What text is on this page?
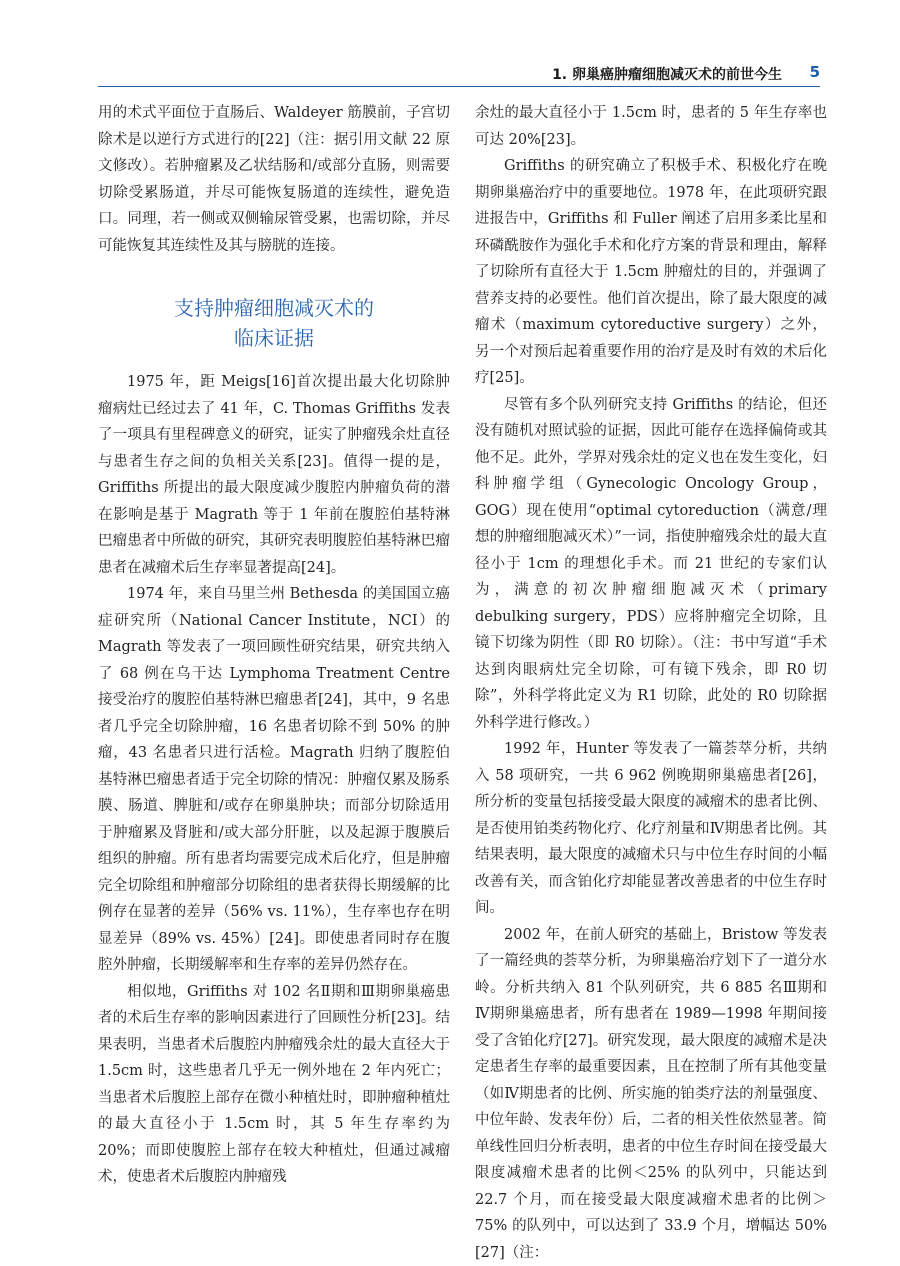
1. 卵巢癌肿瘤细胞减灭术的前世今生 5

用的术式平面位于直肠后、Waldeyer 筋膜前，子宫切除术是以逆行方式进行的[22]（注：据引用文献 22 原文修改）。若肿瘤累及乙状结肠和/或部分直肠，则需要切除受累肠道，并尽可能恢复肠道的连续性，避免造口。同理，若一侧或双侧输尿管受累，也需切除，并尽可能恢复其连续性及其与膀胱的连接。

支持肿瘤细胞减灭术的
临床证据

1975 年，距 Meigs[16]首次提出最大化切除肿瘤病灶已经过去了 41 年，C. Thomas Griffiths 发表了一项具有里程碑意义的研究，证实了肿瘤残余灶直径与患者生存之间的负相关关系[23]。值得一提的是，Griffiths 所提出的最大限度减少腹腔内肿瘤负荷的潜在影响是基于 Magrath 等于 1 年前在腹腔伯基特淋巴瘤患者中所做的研究，其研究表明腹腔伯基特淋巴瘤患者在减瘤术后生存率显著提高[24]。

1974 年，来自马里兰州 Bethesda 的美国国立癌症研究所（National Cancer Institute，NCI）的 Magrath 等发表了一项回顾性研究结果，研究共纳入了 68 例在乌干达 Lymphoma Treatment Centre 接受治疗的腹腔伯基特淋巴瘤患者[24]，其中，9 名患者几乎完全切除肿瘤，16 名患者切除不到 50% 的肿瘤，43 名患者只进行活检。Magrath 归纳了腹腔伯基特淋巴瘤患者适于完全切除的情况：肿瘤仅累及肠系膜、肠道、脾脏和/或存在卵巢肿块；而部分切除适用于肿瘤累及肾脏和/或大部分肝脏，以及起源于腹膜后组织的肿瘤。所有患者均需要完成术后化疗，但是肿瘤完全切除组和肿瘤部分切除组的患者获得长期缓解的比例存在显著的差异（56% vs. 11%），生存率也存在明显差异（89% vs. 45%）[24]。即使患者同时存在腹腔外肿瘤，长期缓解率和生存率的差异仍然存在。

相似地，Griffiths 对 102 名Ⅱ期和Ⅲ期卵巢癌患者的术后生存率的影响因素进行了回顾性分析[23]。结果表明，当患者术后腹腔内肿瘤残余灶的最大直径大于 1.5cm 时，这些患者几乎无一例外地在 2 年内死亡；当患者术后腹腔上部存在微小种植灶时，即肿瘤种植灶的最大直径小于 1.5cm 时，其 5 年生存率约为 20%；而即使腹腔上部存在较大种植灶，但通过减瘤术，使患者术后腹腔内肿瘤残

余灶的最大直径小于 1.5cm 时，患者的 5 年生存率也可达 20%[23]。

Griffiths 的研究确立了积极手术、积极化疗在晚期卵巢癌治疗中的重要地位。1978 年，在此项研究跟进报告中，Griffiths 和 Fuller 阐述了启用多柔比星和环磷酰胺作为强化手术和化疗方案的背景和理由，解释了切除所有直径大于 1.5cm 肿瘤灶的目的，并强调了营养支持的必要性。他们首次提出，除了最大限度的减瘤术（maximum cytoreductive surgery）之外，另一个对预后起着重要作用的治疗是及时有效的术后化疗[25]。

尽管有多个队列研究支持 Griffiths 的结论，但还没有随机对照试验的证据，因此可能存在选择偏倚或其他不足。此外，学界对残余灶的定义也在发生变化，妇科肿瘤学组（Gynecologic Oncology Group，GOG）现在使用“optimal cytoreduction（满意/理想的肿瘤细胞减灭术）”一词，指使肿瘤残余灶的最大直径小于 1cm 的理想化手术。而 21 世纪的专家们认为，满意的初次肿瘤细胞减灭术（primary debulking surgery，PDS）应将肿瘤完全切除，且镜下切缘为阴性（即 R0 切除）。（注：书中写道“手术达到肉眼病灶完全切除，可有镜下残余，即 R0 切除”，外科学将此定义为 R1 切除，此处的 R0 切除据外科学进行修改。）

1992 年，Hunter 等发表了一篇荟萃分析，共纳入 58 项研究，一共 6 962 例晚期卵巢癌患者[26]，所分析的变量包括接受最大限度的减瘤术的患者比例、是否使用铂类药物化疗、化疗剂量和Ⅳ期患者比例。其结果表明，最大限度的减瘤术只与中位生存时间的小幅改善有关，而含铂化疗却能显著改善患者的中位生存时间。

2002 年，在前人研究的基础上，Bristow 等发表了一篇经典的荟萃分析，为卵巢癌治疗划下了一道分水岭。分析共纳入 81 个队列研究，共 6 885 名Ⅲ期和Ⅳ期卵巢癌患者，所有患者在 1989—1998 年期间接受了含铂化疗[27]。研究发现，最大限度的减瘤术是决定患者生存率的最重要因素，且在控制了所有其他变量（如Ⅳ期患者的比例、所实施的铂类疗法的剂量强度、中位年龄、发表年份）后，二者的相关性依然显著。简单线性回归分析表明，患者的中位生存时间在接受最大限度减瘤术患者的比例＜25% 的队列中，只能达到 22.7 个月，而在接受最大限度减瘤术患者的比例＞75% 的队列中，可以达到了 33.9 个月，增幅达 50%[27]（注：
